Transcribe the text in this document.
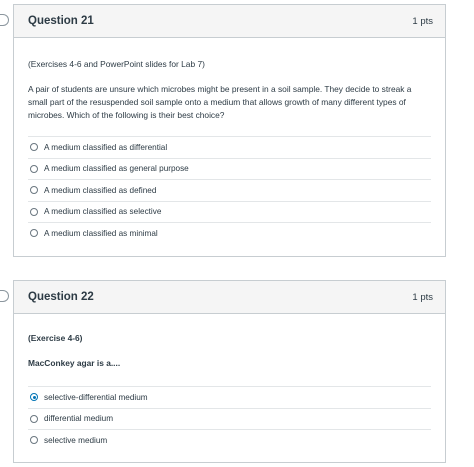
Question 21	1 pts

(Exercises 4-6 and PowerPoint slides for Lab 7)

A pair of students are unsure which microbes might be present in a soil sample. They decide to streak a small part of the resuspended soil sample onto a medium that allows growth of many different types of microbes. Which of the following is their best choice?

A medium classified as differential
A medium classified as general purpose
A medium classified as defined
A medium classified as selective
A medium classified as minimal
Question 22	1 pts

(Exercise 4-6)

MacConkey agar is a....

selective-differential medium
differential medium
selective medium
